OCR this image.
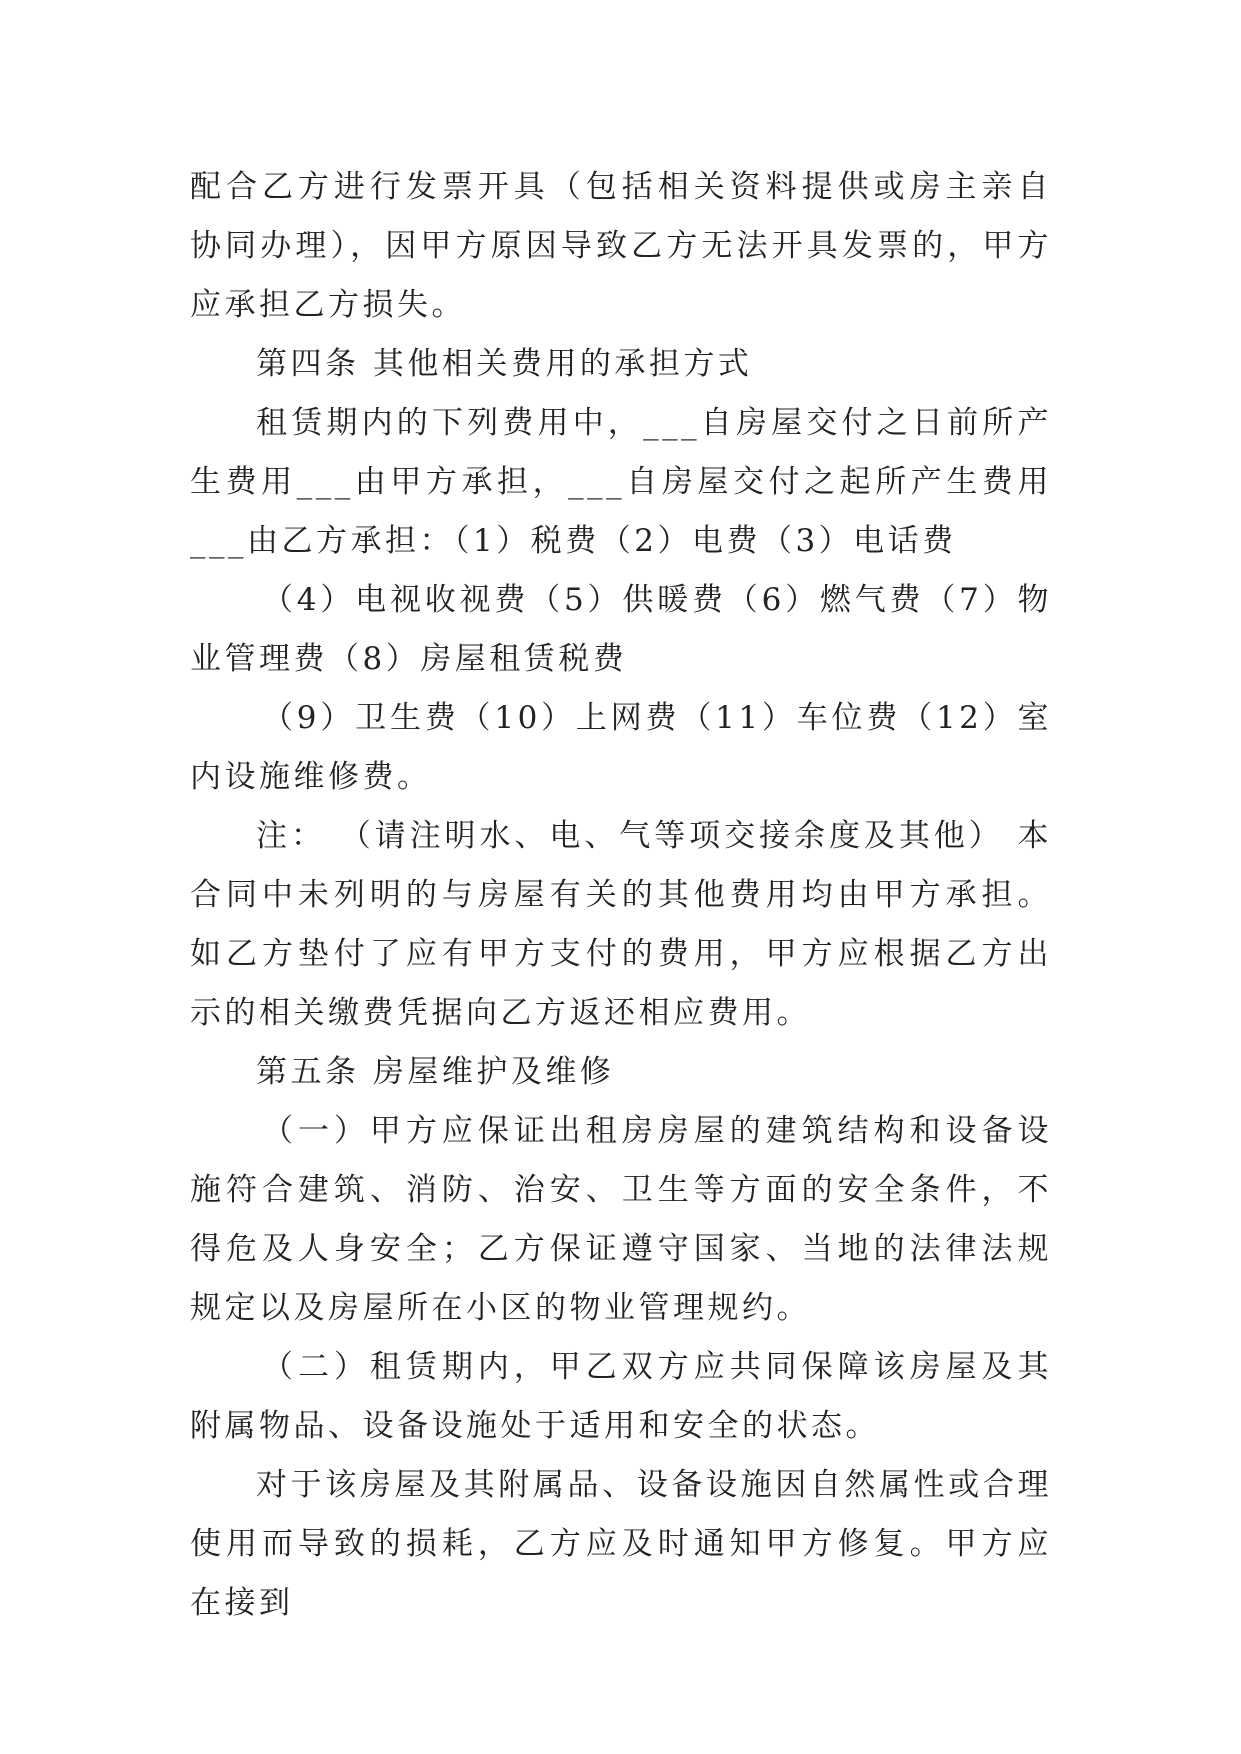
配合乙方进行发票开具（包括相关资料提供或房主亲自协同办理），因甲方原因导致乙方无法开具发票的，甲方应承担乙方损失。

第四条 其他相关费用的承担方式

租赁期内的下列费用中，___自房屋交付之日前所产生费用___由甲方承担，___自房屋交付之起所产生费用___由乙方承担：（1）税费（2）电费（3）电话费

（4）电视收视费（5）供暖费（6）燃气费（7）物业管理费（8）房屋租赁税费

（9）卫生费（10）上网费（11）车位费（12）室内设施维修费。

注： （请注明水、电、气等项交接余度及其他） 本合同中未列明的与房屋有关的其他费用均由甲方承担。如乙方垫付了应有甲方支付的费用，甲方应根据乙方出示的相关缴费凭据向乙方返还相应费用。

第五条 房屋维护及维修

（一）甲方应保证出租房房屋的建筑结构和设备设施符合建筑、消防、治安、卫生等方面的安全条件，不得危及人身安全；乙方保证遵守国家、当地的法律法规规定以及房屋所在小区的物业管理规约。

（二）租赁期内，甲乙双方应共同保障该房屋及其附属物品、设备设施处于适用和安全的状态。

对于该房屋及其附属品、设备设施因自然属性或合理使用而导致的损耗，乙方应及时通知甲方修复。甲方应在接到
